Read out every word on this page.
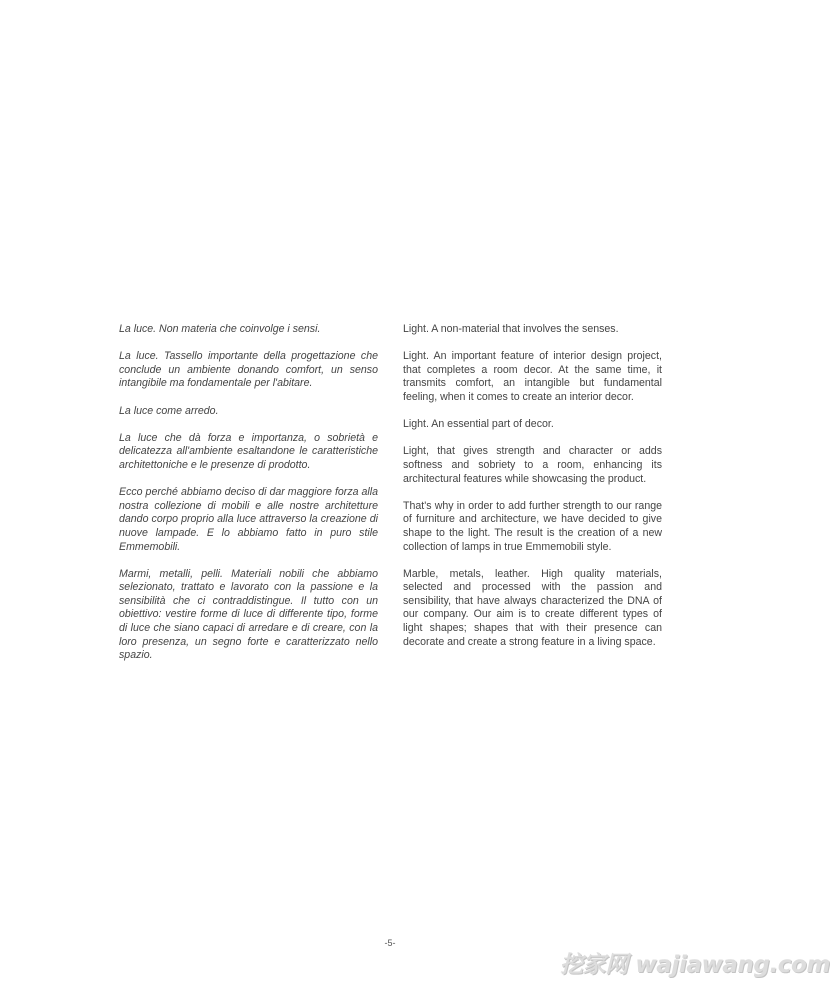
La luce. Non materia che coinvolge i sensi.

La luce. Tassello importante della progettazione che conclude un ambiente donando comfort, un senso intangibile ma fondamentale per l'abitare.

La luce come arredo.

La luce che dà forza e importanza, o sobrietà e delicatezza all'ambiente esaltandone le caratteristiche architettoniche e le presenze di prodotto.

Ecco perché abbiamo deciso di dar maggiore forza alla nostra collezione di mobili e alle nostre architetture dando corpo proprio alla luce attraverso la creazione di nuove lampade. E lo abbiamo fatto in puro stile Emmemobili.

Marmi, metalli, pelli. Materiali nobili che abbiamo selezionato, trattato e lavorato con la passione e la sensibilità che ci contraddistingue. Il tutto con un obiettivo: vestire forme di luce di differente tipo, forme di luce che siano capaci di arredare e di creare, con la loro presenza, un segno forte e caratterizzato nello spazio.

Light. A non-material that involves the senses.

Light. An important feature of interior design project, that completes a room decor. At the same time, it transmits comfort, an intangible but fundamental feeling, when it comes to create an interior decor.

Light. An essential part of decor.

Light, that gives strength and character or adds softness and sobriety to a room, enhancing its architectural features while showcasing the product.

That's why in order to add further strength to our range of furniture and architecture, we have decided to give shape to the light. The result is the creation of a new collection of lamps in true Emmemobili style.

Marble, metals, leather. High quality materials, selected and processed with the passion and sensibility, that have always characterized the DNA of our company. Our aim is to create different types of light shapes; shapes that with their presence can decorate and create a strong feature in a living space.

-5-
挖家网 wajiawang.com
